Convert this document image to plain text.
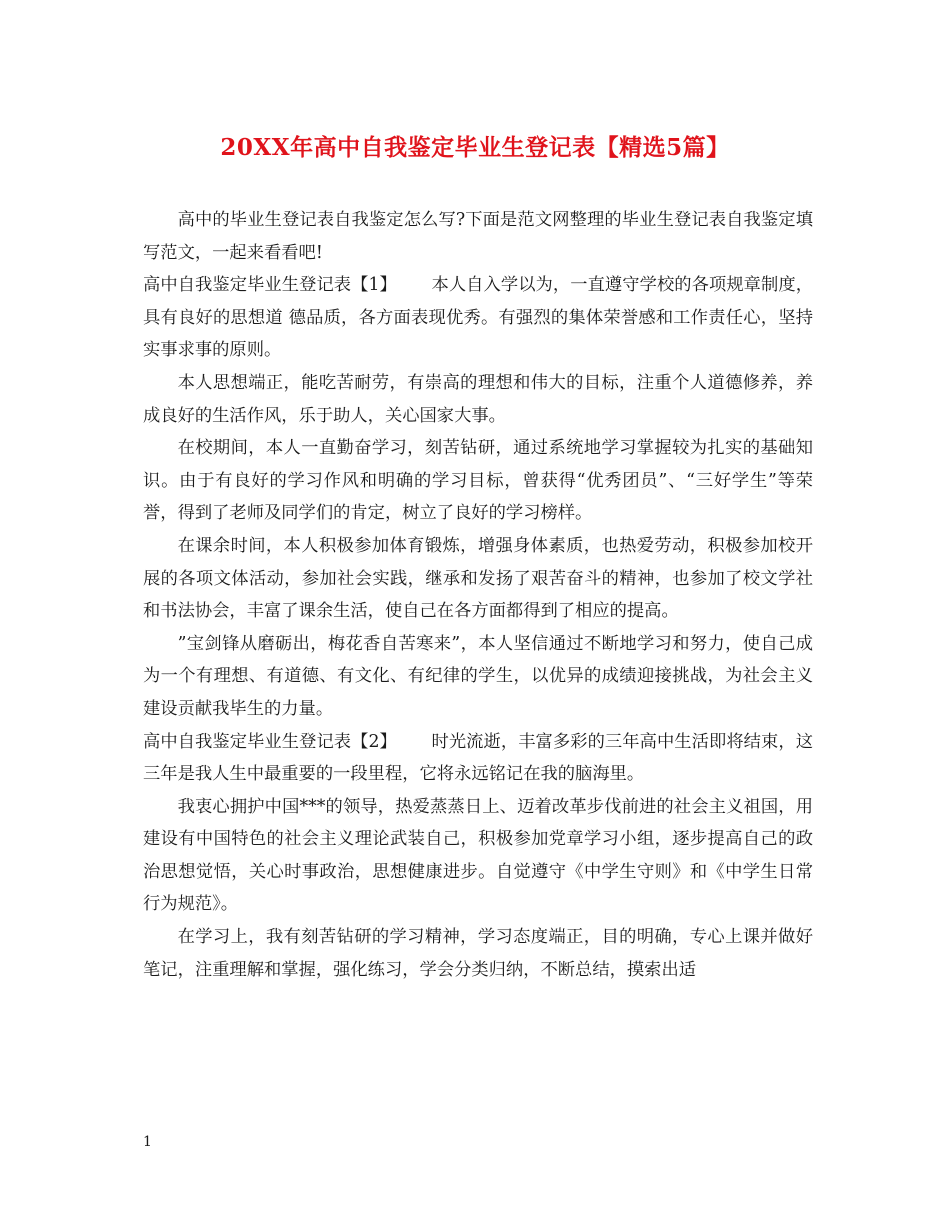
20XX年高中自我鉴定毕业生登记表【精选5篇】

高中的毕业生登记表自我鉴定怎么写?下面是范文网整理的毕业生登记表自我鉴定填写范文，一起来看看吧!

高中自我鉴定毕业生登记表【1】 本人自入学以为，一直遵守学校的各项规章制度，具有良好的思想道 德品质，各方面表现优秀。有强烈的集体荣誉感和工作责任心，坚持实事求事的原则。

本人思想端正，能吃苦耐劳，有崇高的理想和伟大的目标，注重个人道德修养，养成良好的生活作风，乐于助人，关心国家大事。

在校期间，本人一直勤奋学习，刻苦钻研，通过系统地学习掌握较为扎实的基础知识。由于有良好的学习作风和明确的学习目标，曾获得“优秀团员”、“三好学生”等荣誉，得到了老师及同学们的肯定，树立了良好的学习榜样。

在课余时间，本人积极参加体育锻炼，增强身体素质，也热爱劳动，积极参加校开展的各项文体活动，参加社会实践，继承和发扬了艰苦奋斗的精神，也参加了校文学社和书法协会，丰富了课余生活，使自己在各方面都得到了相应的提高。

”宝剑锋从磨砺出，梅花香自苦寒来”，本人坚信通过不断地学习和努力，使自己成为一个有理想、有道德、有文化、有纪律的学生，以优异的成绩迎接挑战，为社会主义建设贡献我毕生的力量。

高中自我鉴定毕业生登记表【2】 时光流逝，丰富多彩的三年高中生活即将结束，这三年是我人生中最重要的一段里程，它将永远铭记在我的脑海里。

我衷心拥护中国***的领导，热爱蒸蒸日上、迈着改革步伐前进的社会主义祖国，用建设有中国特色的社会主义理论武装自己，积极参加党章学习小组，逐步提高自己的政治思想觉悟，关心时事政治，思想健康进步。自觉遵守《中学生守则》和《中学生日常行为规范》。

在学习上，我有刻苦钻研的学习精神，学习态度端正，目的明确，专心上课并做好笔记，注重理解和掌握，强化练习，学会分类归纳，不断总结，摸索出适

1
